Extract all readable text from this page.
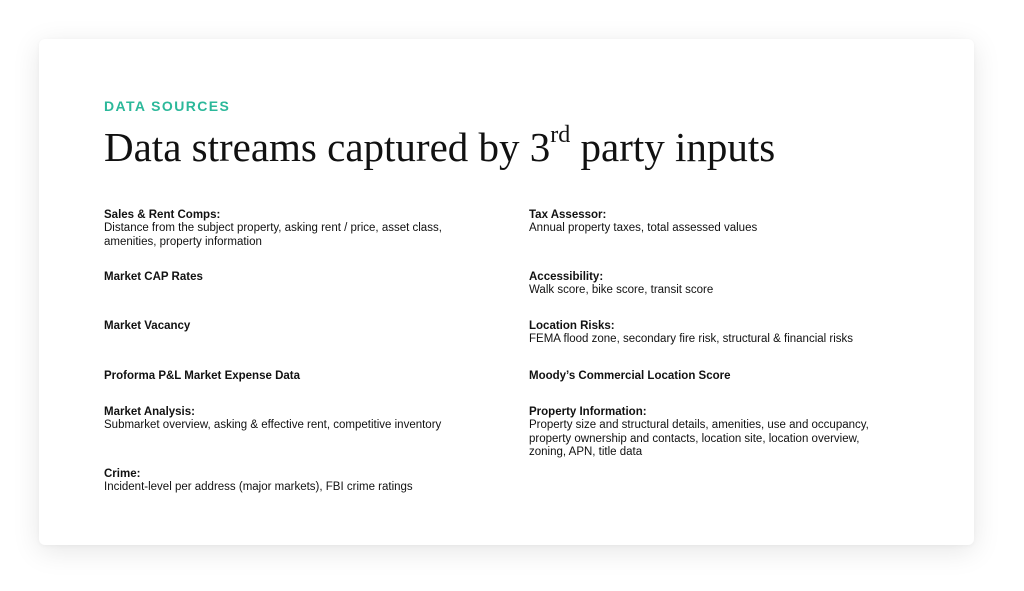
DATA SOURCES
Data streams captured by 3rd party inputs
Sales & Rent Comps:
Distance from the subject property, asking rent / price, asset class, amenities, property information
Market CAP Rates
Market Vacancy
Proforma P&L Market Expense Data
Market Analysis:
Submarket overview, asking & effective rent, competitive inventory
Crime:
Incident-level per address (major markets), FBI crime ratings
Tax Assessor:
Annual property taxes, total assessed values
Accessibility:
Walk score, bike score, transit score
Location Risks:
FEMA flood zone, secondary fire risk, structural & financial risks
Moody’s Commercial Location Score
Property Information:
Property size and structural details, amenities, use and occupancy, property ownership and contacts, location site, location overview, zoning, APN, title data
